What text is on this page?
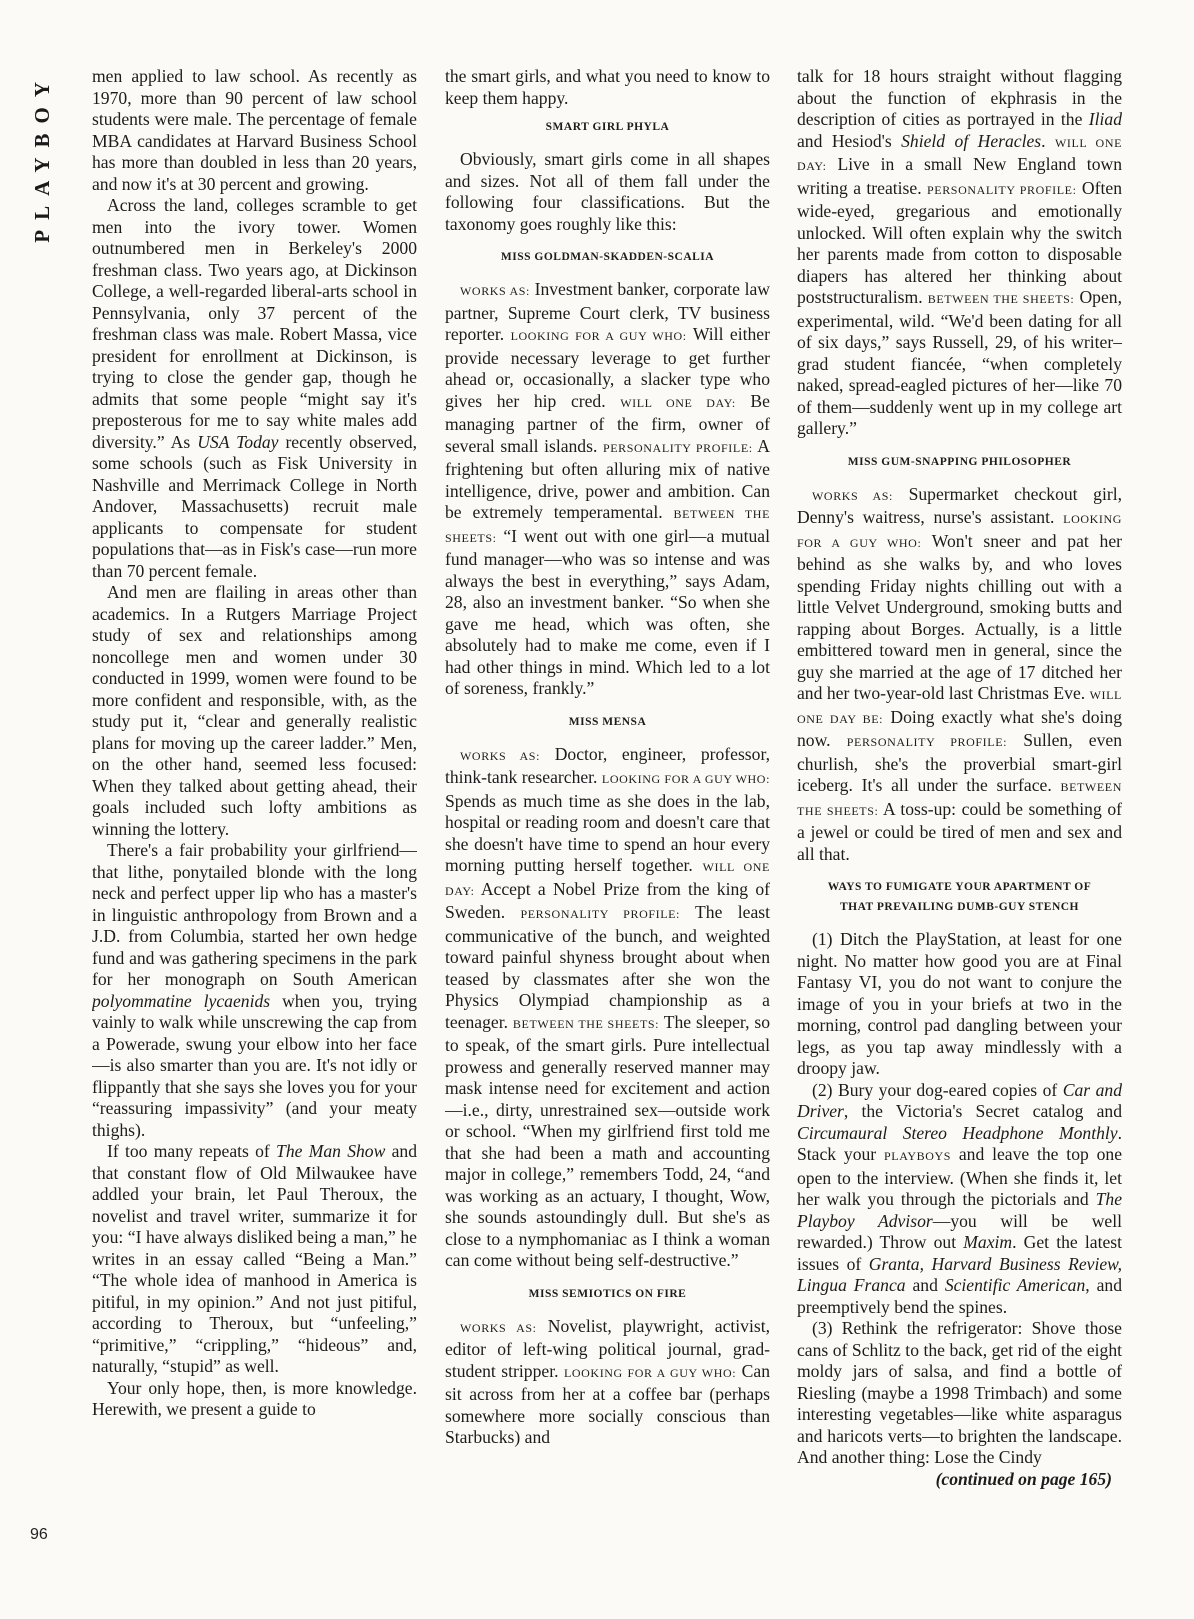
PLAYBOY
96

men applied to law school. As recently as 1970, more than 90 percent of law school students were male. The percentage of female MBA candidates at Harvard Business School has more than doubled in less than 20 years, and now it's at 30 percent and growing.

Across the land, colleges scramble to get men into the ivory tower. Women outnumbered men in Berkeley's 2000 freshman class. Two years ago, at Dickinson College, a well-regarded liberal-arts school in Pennsylvania, only 37 percent of the freshman class was male. Robert Massa, vice president for enrollment at Dickinson, is trying to close the gender gap, though he admits that some people “might say it's preposterous for me to say white males add diversity.” As USA Today recently observed, some schools (such as Fisk University in Nashville and Merrimack College in North Andover, Massachusetts) recruit male applicants to compensate for student populations that—as in Fisk's case—run more than 70 percent female.

And men are flailing in areas other than academics. In a Rutgers Marriage Project study of sex and relationships among noncollege men and women under 30 conducted in 1999, women were found to be more confident and responsible, with, as the study put it, “clear and generally realistic plans for moving up the career ladder.” Men, on the other hand, seemed less focused: When they talked about getting ahead, their goals included such lofty ambitions as winning the lottery.

There's a fair probability your girlfriend—that lithe, ponytailed blonde with the long neck and perfect upper lip who has a master's in linguistic anthropology from Brown and a J.D. from Columbia, started her own hedge fund and was gathering specimens in the park for her monograph on South American polyommatine lycaenids when you, trying vainly to walk while unscrewing the cap from a Powerade, swung your elbow into her face—is also smarter than you are. It's not idly or flippantly that she says she loves you for your “reassuring impassivity” (and your meaty thighs).

If too many repeats of The Man Show and that constant flow of Old Milwaukee have addled your brain, let Paul Theroux, the novelist and travel writer, summarize it for you: “I have always disliked being a man,” he writes in an essay called “Being a Man.” “The whole idea of manhood in America is pitiful, in my opinion.” And not just pitiful, according to Theroux, but “unfeeling,” “primitive,” “crippling,” “hideous” and, naturally, “stupid” as well.

Your only hope, then, is more knowledge. Herewith, we present a guide to

the smart girls, and what you need to know to keep them happy.

SMART GIRL PHYLA

Obviously, smart girls come in all shapes and sizes. Not all of them fall under the following four classifications. But the taxonomy goes roughly like this:

MISS GOLDMAN-SKADDEN-SCALIA

WORKS AS: Investment banker, corporate law partner, Supreme Court clerk, TV business reporter. LOOKING FOR A GUY WHO: Will either provide necessary leverage to get further ahead or, occasionally, a slacker type who gives her hip cred. WILL ONE DAY: Be managing partner of the firm, owner of several small islands. PERSONALITY PROFILE: A frightening but often alluring mix of native intelligence, drive, power and ambition. Can be extremely temperamental. BETWEEN THE SHEETS: “I went out with one girl—a mutual fund manager—who was so intense and was always the best in everything,” says Adam, 28, also an investment banker. “So when she gave me head, which was often, she absolutely had to make me come, even if I had other things in mind. Which led to a lot of soreness, frankly.”

MISS MENSA

WORKS AS: Doctor, engineer, professor, think-tank researcher. LOOKING FOR A GUY WHO: Spends as much time as she does in the lab, hospital or reading room and doesn't care that she doesn't have time to spend an hour every morning putting herself together. WILL ONE DAY: Accept a Nobel Prize from the king of Sweden. PERSONALITY PROFILE: The least communicative of the bunch, and weighted toward painful shyness brought about when teased by classmates after she won the Physics Olympiad championship as a teenager. BETWEEN THE SHEETS: The sleeper, so to speak, of the smart girls. Pure intellectual prowess and generally reserved manner may mask intense need for excitement and action—i.e., dirty, unrestrained sex—outside work or school. “When my girlfriend first told me that she had been a math and accounting major in college,” remembers Todd, 24, “and was working as an actuary, I thought, Wow, she sounds astoundingly dull. But she's as close to a nymphomaniac as I think a woman can come without being self-destructive.”

MISS SEMIOTICS ON FIRE

WORKS AS: Novelist, playwright, activist, editor of left-wing political journal, grad-student stripper. LOOKING FOR A GUY WHO: Can sit across from her at a coffee bar (perhaps somewhere more socially conscious than Starbucks) and

talk for 18 hours straight without flagging about the function of ekphrasis in the description of cities as portrayed in the Iliad and Hesiod's Shield of Heracles. WILL ONE DAY: Live in a small New England town writing a treatise. PERSONALITY PROFILE: Often wide-eyed, gregarious and emotionally unlocked. Will often explain why the switch her parents made from cotton to disposable diapers has altered her thinking about poststructuralism. BETWEEN THE SHEETS: Open, experimental, wild. “We'd been dating for all of six days,” says Russell, 29, of his writer–grad student fiancée, “when completely naked, spread-eagled pictures of her—like 70 of them—suddenly went up in my college art gallery.”

MISS GUM-SNAPPING PHILOSOPHER

WORKS AS: Supermarket checkout girl, Denny's waitress, nurse's assistant. LOOKING FOR A GUY WHO: Won't sneer and pat her behind as she walks by, and who loves spending Friday nights chilling out with a little Velvet Underground, smoking butts and rapping about Borges. Actually, is a little embittered toward men in general, since the guy she married at the age of 17 ditched her and her two-year-old last Christmas Eve. WILL ONE DAY BE: Doing exactly what she's doing now. PERSONALITY PROFILE: Sullen, even churlish, she's the proverbial smart-girl iceberg. It's all under the surface. BETWEEN THE SHEETS: A toss-up: could be something of a jewel or could be tired of men and sex and all that.

WAYS TO FUMIGATE YOUR APARTMENT OF
THAT PREVAILING DUMB-GUY STENCH

(1) Ditch the PlayStation, at least for one night. No matter how good you are at Final Fantasy VI, you do not want to conjure the image of you in your briefs at two in the morning, control pad dangling between your legs, as you tap away mindlessly with a droopy jaw.

(2) Bury your dog-eared copies of Car and Driver, the Victoria's Secret catalog and Circumaural Stereo Headphone Monthly. Stack your PLAYBOYS and leave the top one open to the interview. (When she finds it, let her walk you through the pictorials and The Playboy Advisor—you will be well rewarded.) Throw out Maxim. Get the latest issues of Granta, Harvard Business Review, Lingua Franca and Scientific American, and preemptively bend the spines.

(3) Rethink the refrigerator: Shove those cans of Schlitz to the back, get rid of the eight moldy jars of salsa, and find a bottle of Riesling (maybe a 1998 Trimbach) and some interesting vegetables—like white asparagus and haricots verts—to brighten the landscape. And another thing: Lose the Cindy

(continued on page 165)
